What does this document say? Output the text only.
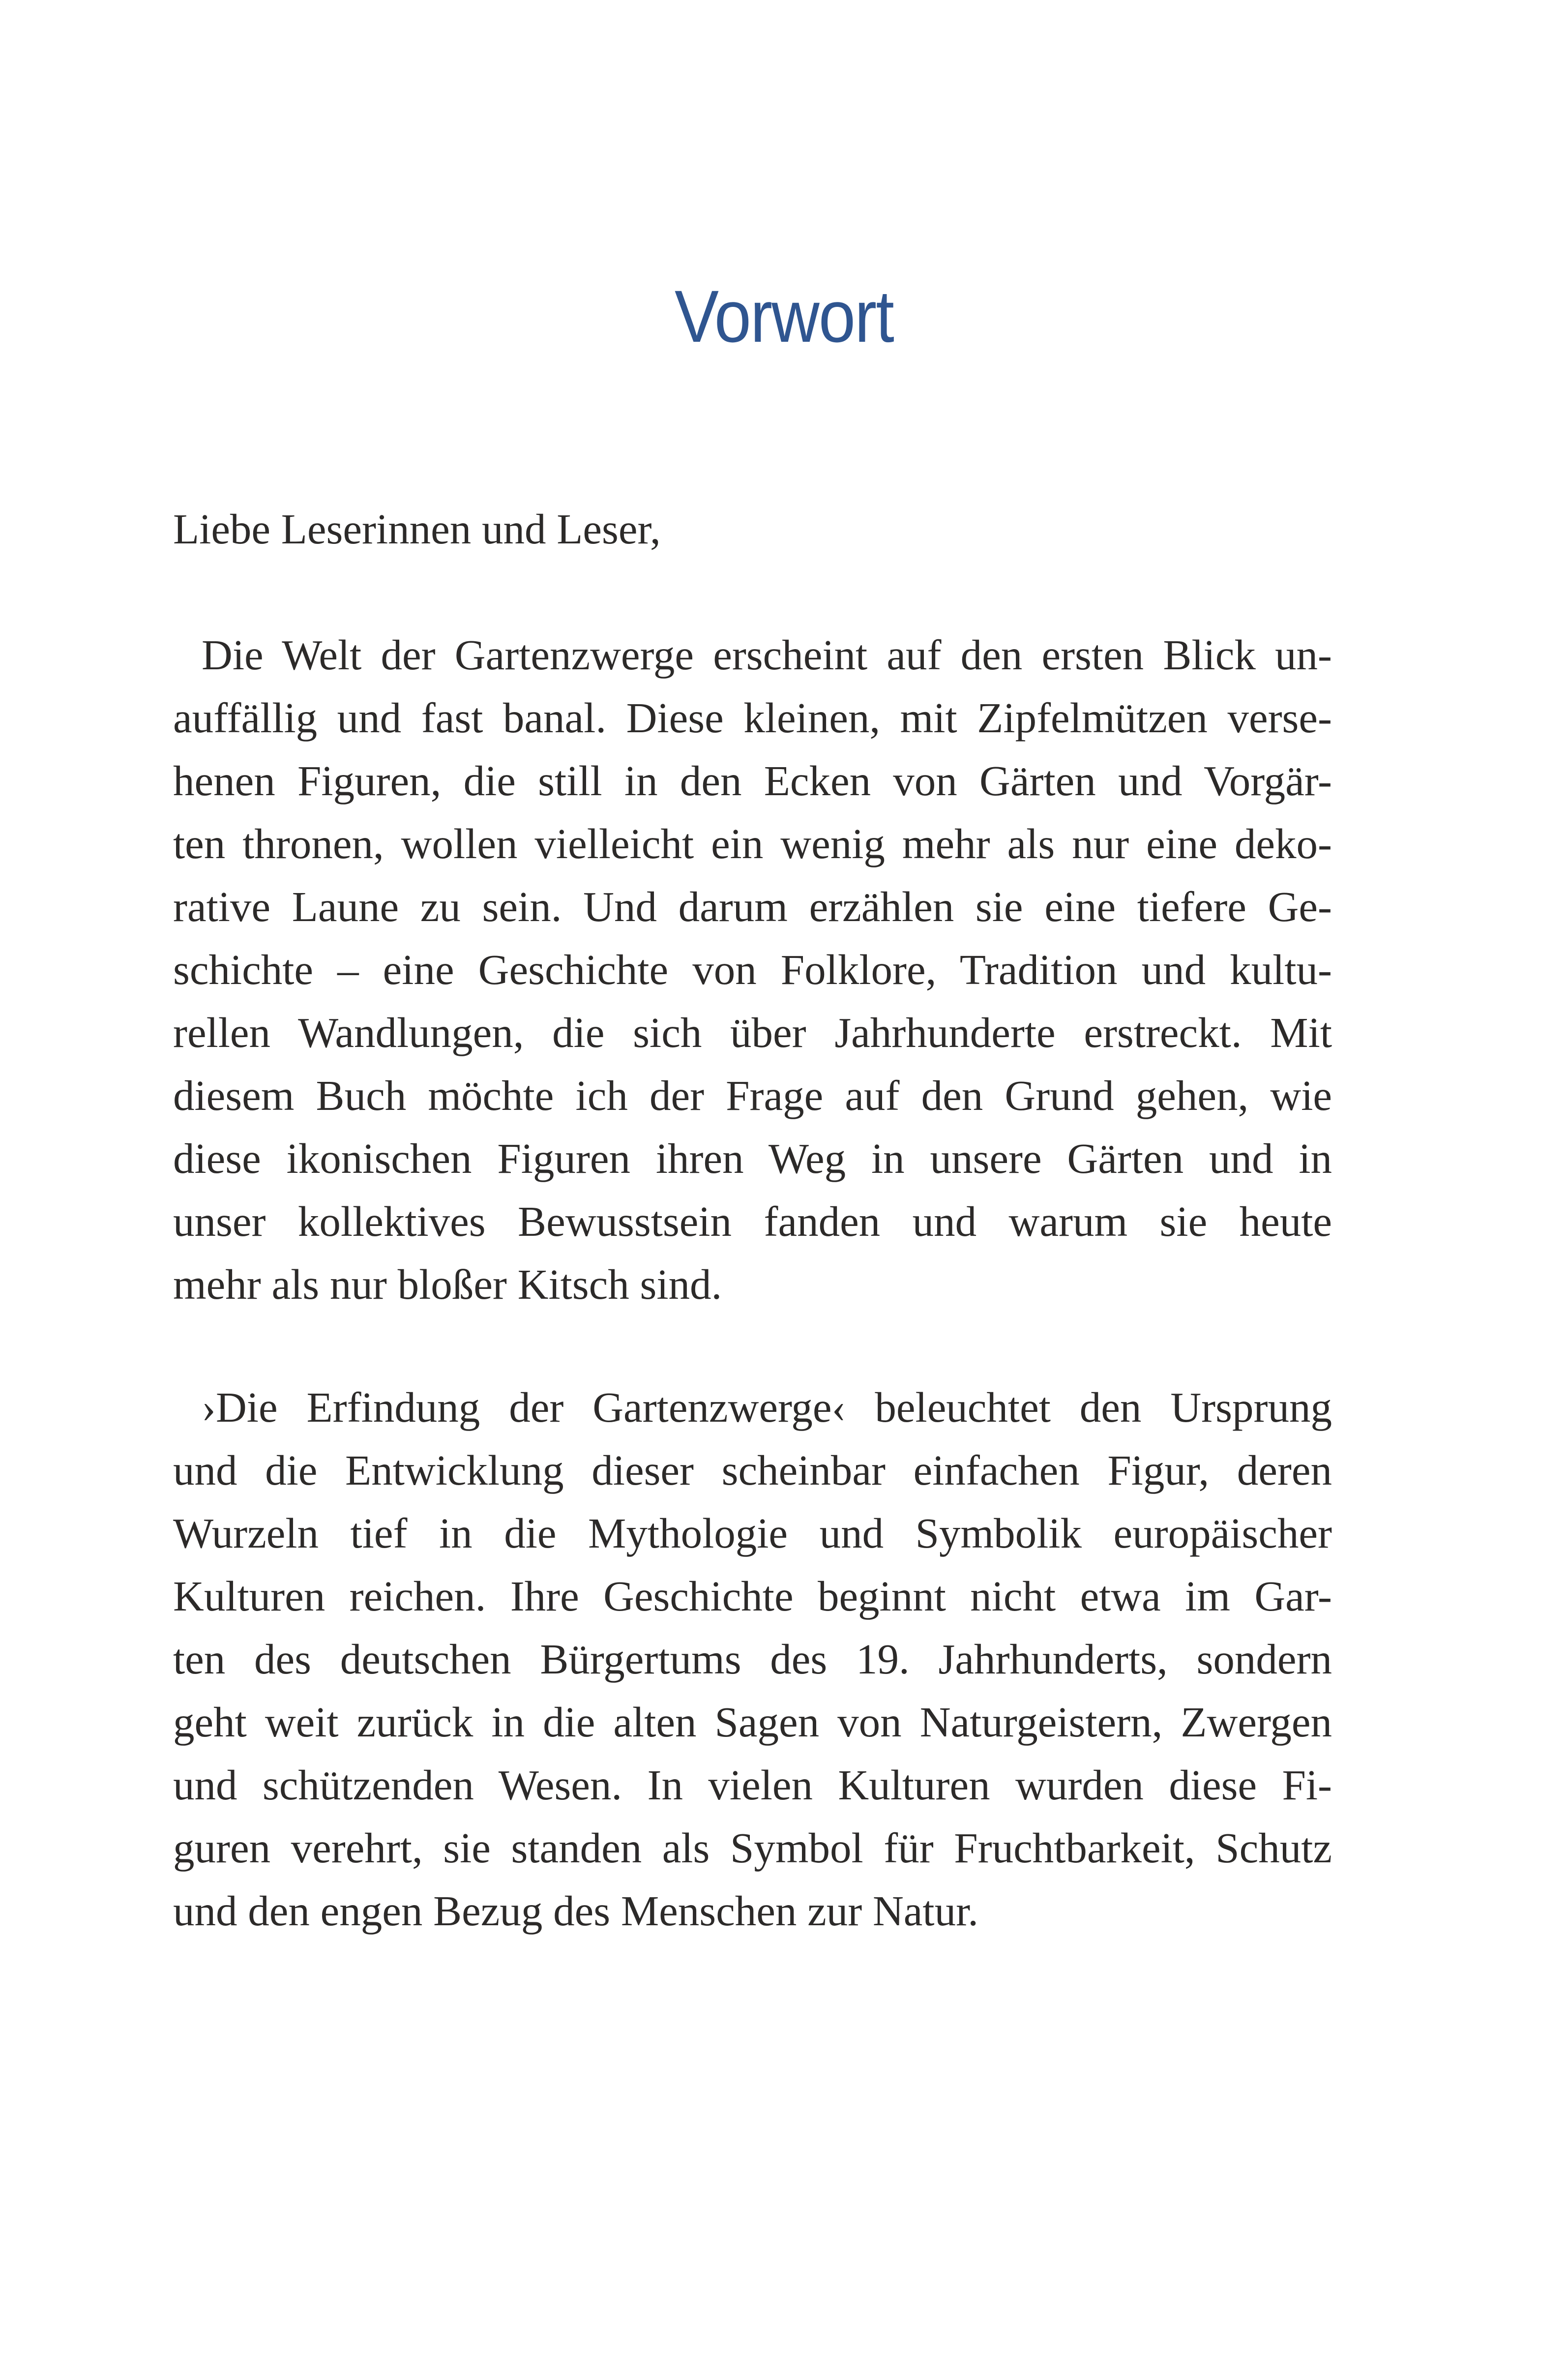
Vorwort
Liebe Leserinnen und Leser,
Die Welt der Gartenzwerge erscheint auf den ersten Blick un-
auffällig und fast banal. Diese kleinen, mit Zipfelmützen verse-
henen Figuren, die still in den Ecken von Gärten und Vorgär-
ten thronen, wollen vielleicht ein wenig mehr als nur eine deko-
rative Laune zu sein. Und darum erzählen sie eine tiefere Ge-
schichte – eine Geschichte von Folklore, Tradition und kultu-
rellen Wandlungen, die sich über Jahrhunderte erstreckt. Mit
diesem Buch möchte ich der Frage auf den Grund gehen, wie
diese ikonischen Figuren ihren Weg in unsere Gärten und in
unser kollektives Bewusstsein fanden und warum sie heute
mehr als nur bloßer Kitsch sind.
›Die Erfindung der Gartenzwerge‹ beleuchtet den Ursprung
und die Entwicklung dieser scheinbar einfachen Figur, deren
Wurzeln tief in die Mythologie und Symbolik europäischer
Kulturen reichen. Ihre Geschichte beginnt nicht etwa im Gar-
ten des deutschen Bürgertums des 19. Jahrhunderts, sondern
geht weit zurück in die alten Sagen von Naturgeistern, Zwergen
und schützenden Wesen. In vielen Kulturen wurden diese Fi-
guren verehrt, sie standen als Symbol für Fruchtbarkeit, Schutz
und den engen Bezug des Menschen zur Natur.
